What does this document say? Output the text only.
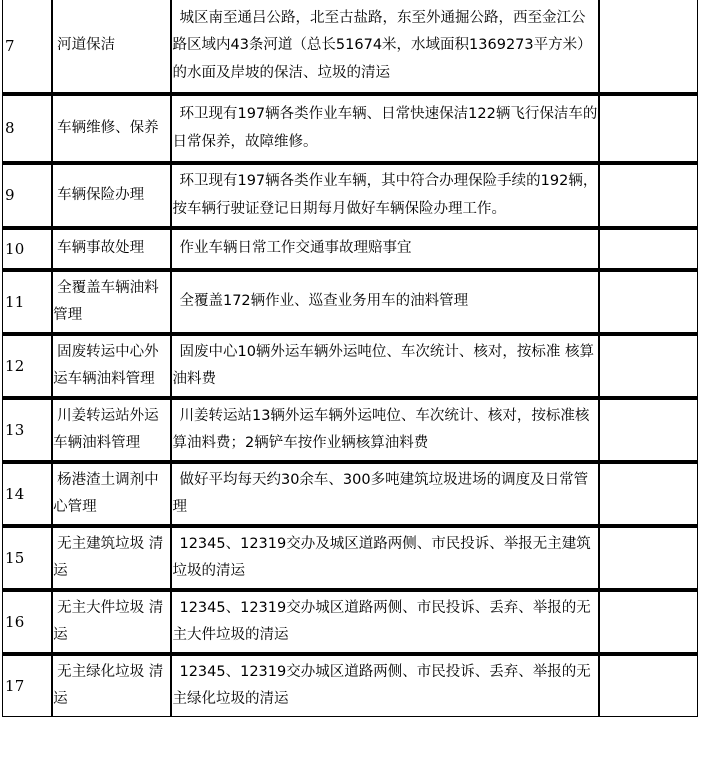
7	河道保洁	城区南至通吕公路，北至古盐路，东至外通掘公路，西至金江公路区域内43条河道（总长51674米，水域面积1369273平方米）的水面及岸坡的保洁、垃圾的清运	

8	车辆维修、保养	环卫现有197辆各类作业车辆、日常快速保洁122辆飞行保洁车的日常保养，故障维修。	

9	车辆保险办理	环卫现有197辆各类作业车辆，其中符合办理保险手续的192辆，按车辆行驶证登记日期每月做好车辆保险办理工作。	

10	车辆事故处理	作业车辆日常工作交通事故理赔事宜	

11	全覆盖车辆油料管理	全覆盖172辆作业、巡查业务用车的油料管理	

12	固废转运中心外运车辆油料管理	固废中心10辆外运车辆外运吨位、车次统计、核对，按标准 核算油料费	

13	川姜转运站外运车辆油料管理	川姜转运站13辆外运车辆外运吨位、车次统计、核对，按标准核算油料费；2辆铲车按作业辆核算油料费	

14	杨港渣土调剂中心管理	做好平均每天约30余车、300多吨建筑垃圾进场的调度及日常管理	

15	无主建筑垃圾 清运	12345、12319交办及城区道路两侧、市民投诉、举报无主建筑垃圾的清运	

16	无主大件垃圾 清运	12345、12319交办城区道路两侧、市民投诉、丢弃、举报的无主大件垃圾的清运	

17	无主绿化垃圾 清运	12345、12319交办城区道路两侧、市民投诉、丢弃、举报的无主绿化垃圾的清运	
